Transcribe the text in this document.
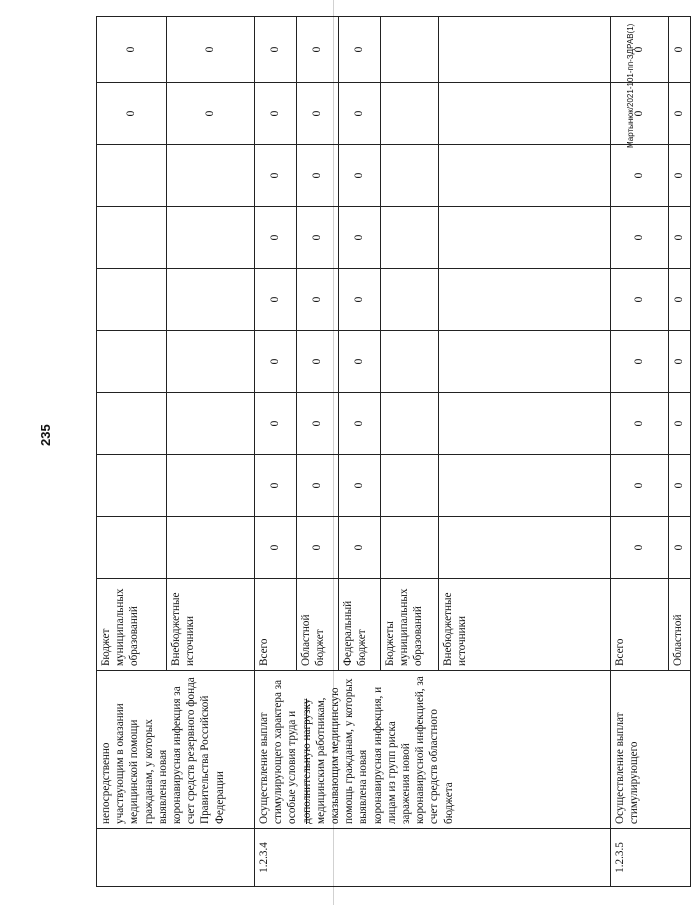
235
Мартынюк/2021-101-пп-ЗДРАВ(1)
	непосредственно участвующим в оказании медицинской помощи гражданам, у которых выявлена новая коронавирусная инфекция за счет средств резервного фонда Правительства Российской Федерации	Бюджет муниципальных образований								0	0
		Внебюджетные источники								0	0
1.2.3.4	Осуществление выплат стимулирующего характера за особые условия труда и дополнительную нагрузку медицинским работникам, оказывающим медицинскую помощь гражданам, у которых выявлена новая коронавирусная инфекция, и лицам из групп риска заражения новой коронавирусной инфекцией, за счет средств областного бюджета	Всего	0	0	0	0	0	0	0	0	0
		Областной бюджет	0	0	0	0	0	0	0	0	0
		Федеральный бюджет	0	0	0	0	0	0	0	0	0
		Бюджеты муниципальных образований									
		Внебюджетные источники									
1.2.3.5	Осуществление выплат стимулирующего	Всего	0	0	0	0	0	0	0	0	0
		Областной	0	0	0	0	0	0	0	0	0
